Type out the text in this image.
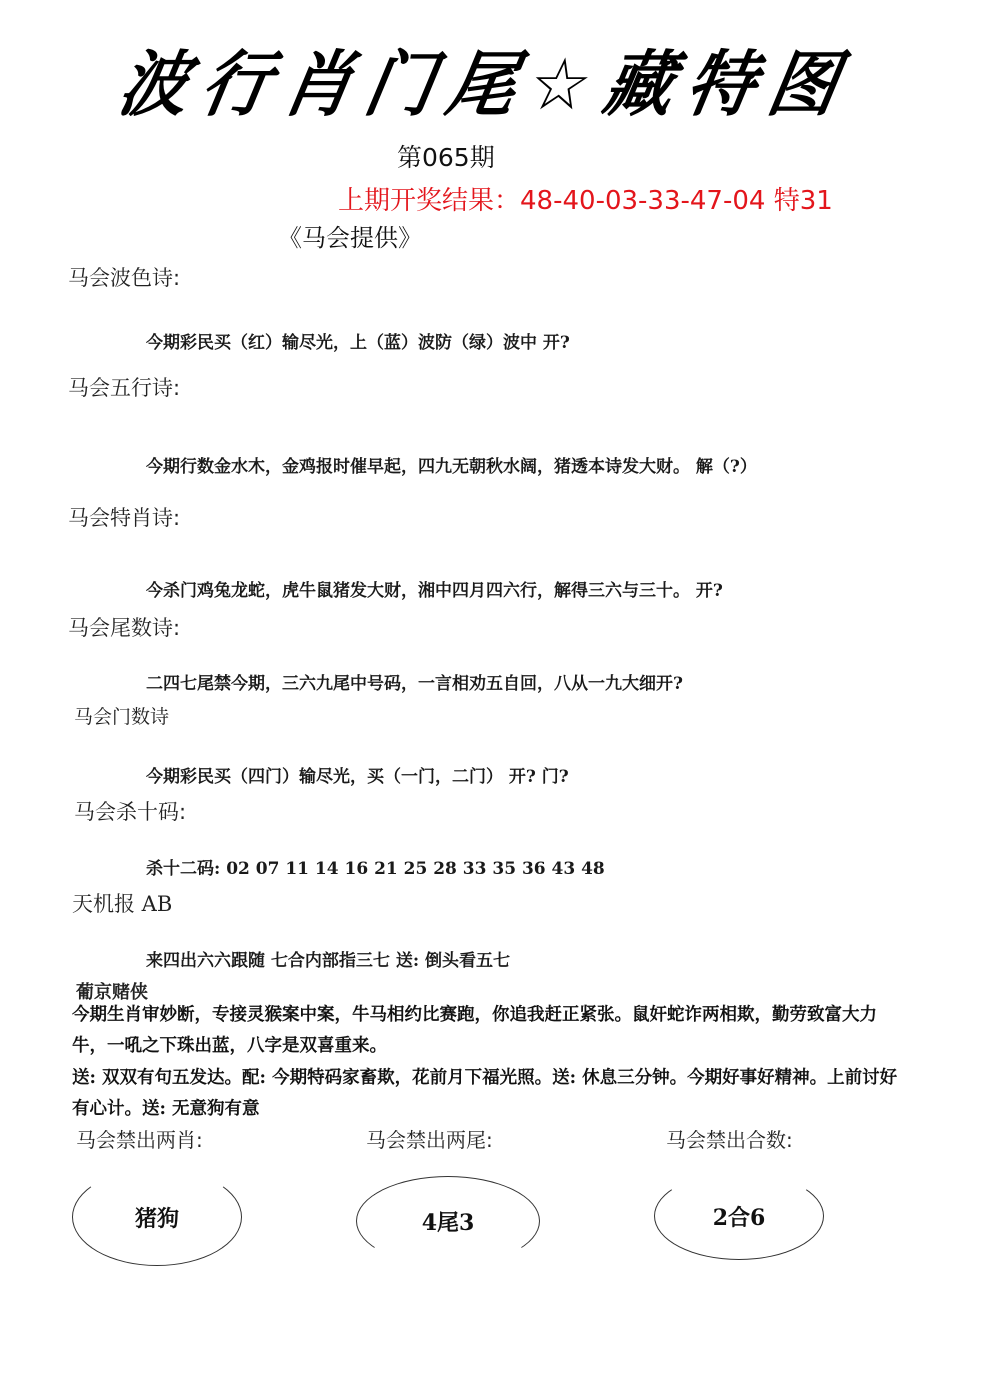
波行肖门尾☆藏特图
第065期
上期开奖结果：48-40-03-33-47-04 特31
《马会提供》
马会波色诗:
今期彩民买（红）输尽光，上（蓝）波防（绿）波中 开?
马会五行诗:
今期行数金水木，金鸡报时催早起，四九无朝秋水阔，猪透本诗发大财。 解（?）
马会特肖诗:
今杀门鸡兔龙蛇，虎牛鼠猪发大财，湘中四月四六行，解得三六与三十。 开?
马会尾数诗:
二四七尾禁今期，三六九尾中号码，一言相劝五自回，八从一九大细开?
马会门数诗
今期彩民买（四门）输尽光，买（一门，二门） 开? 门?
马会杀十码:
杀十二码: 02 07 11 14 16 21 25 28 33 35 36 43 48
天机报 AB
来四出六六跟随 七合内部指三七 送: 倒头看五七
葡京赌侠
今期生肖审妙断，专接灵猴案中案，牛马相约比赛跑，你追我赶正紧张。鼠奸蛇诈两相欺，勤劳致富大力牛，一吼之下珠出蓝，八字是双喜重来。
送: 双双有句五发达。配: 今期特码家畜欺，花前月下福光照。送: 休息三分钟。今期好事好精神。上前讨好有心计。送: 无意狗有意
马会禁出两肖:	马会禁出两尾:	马会禁出合数:
猪狗	4尾3	2合6
